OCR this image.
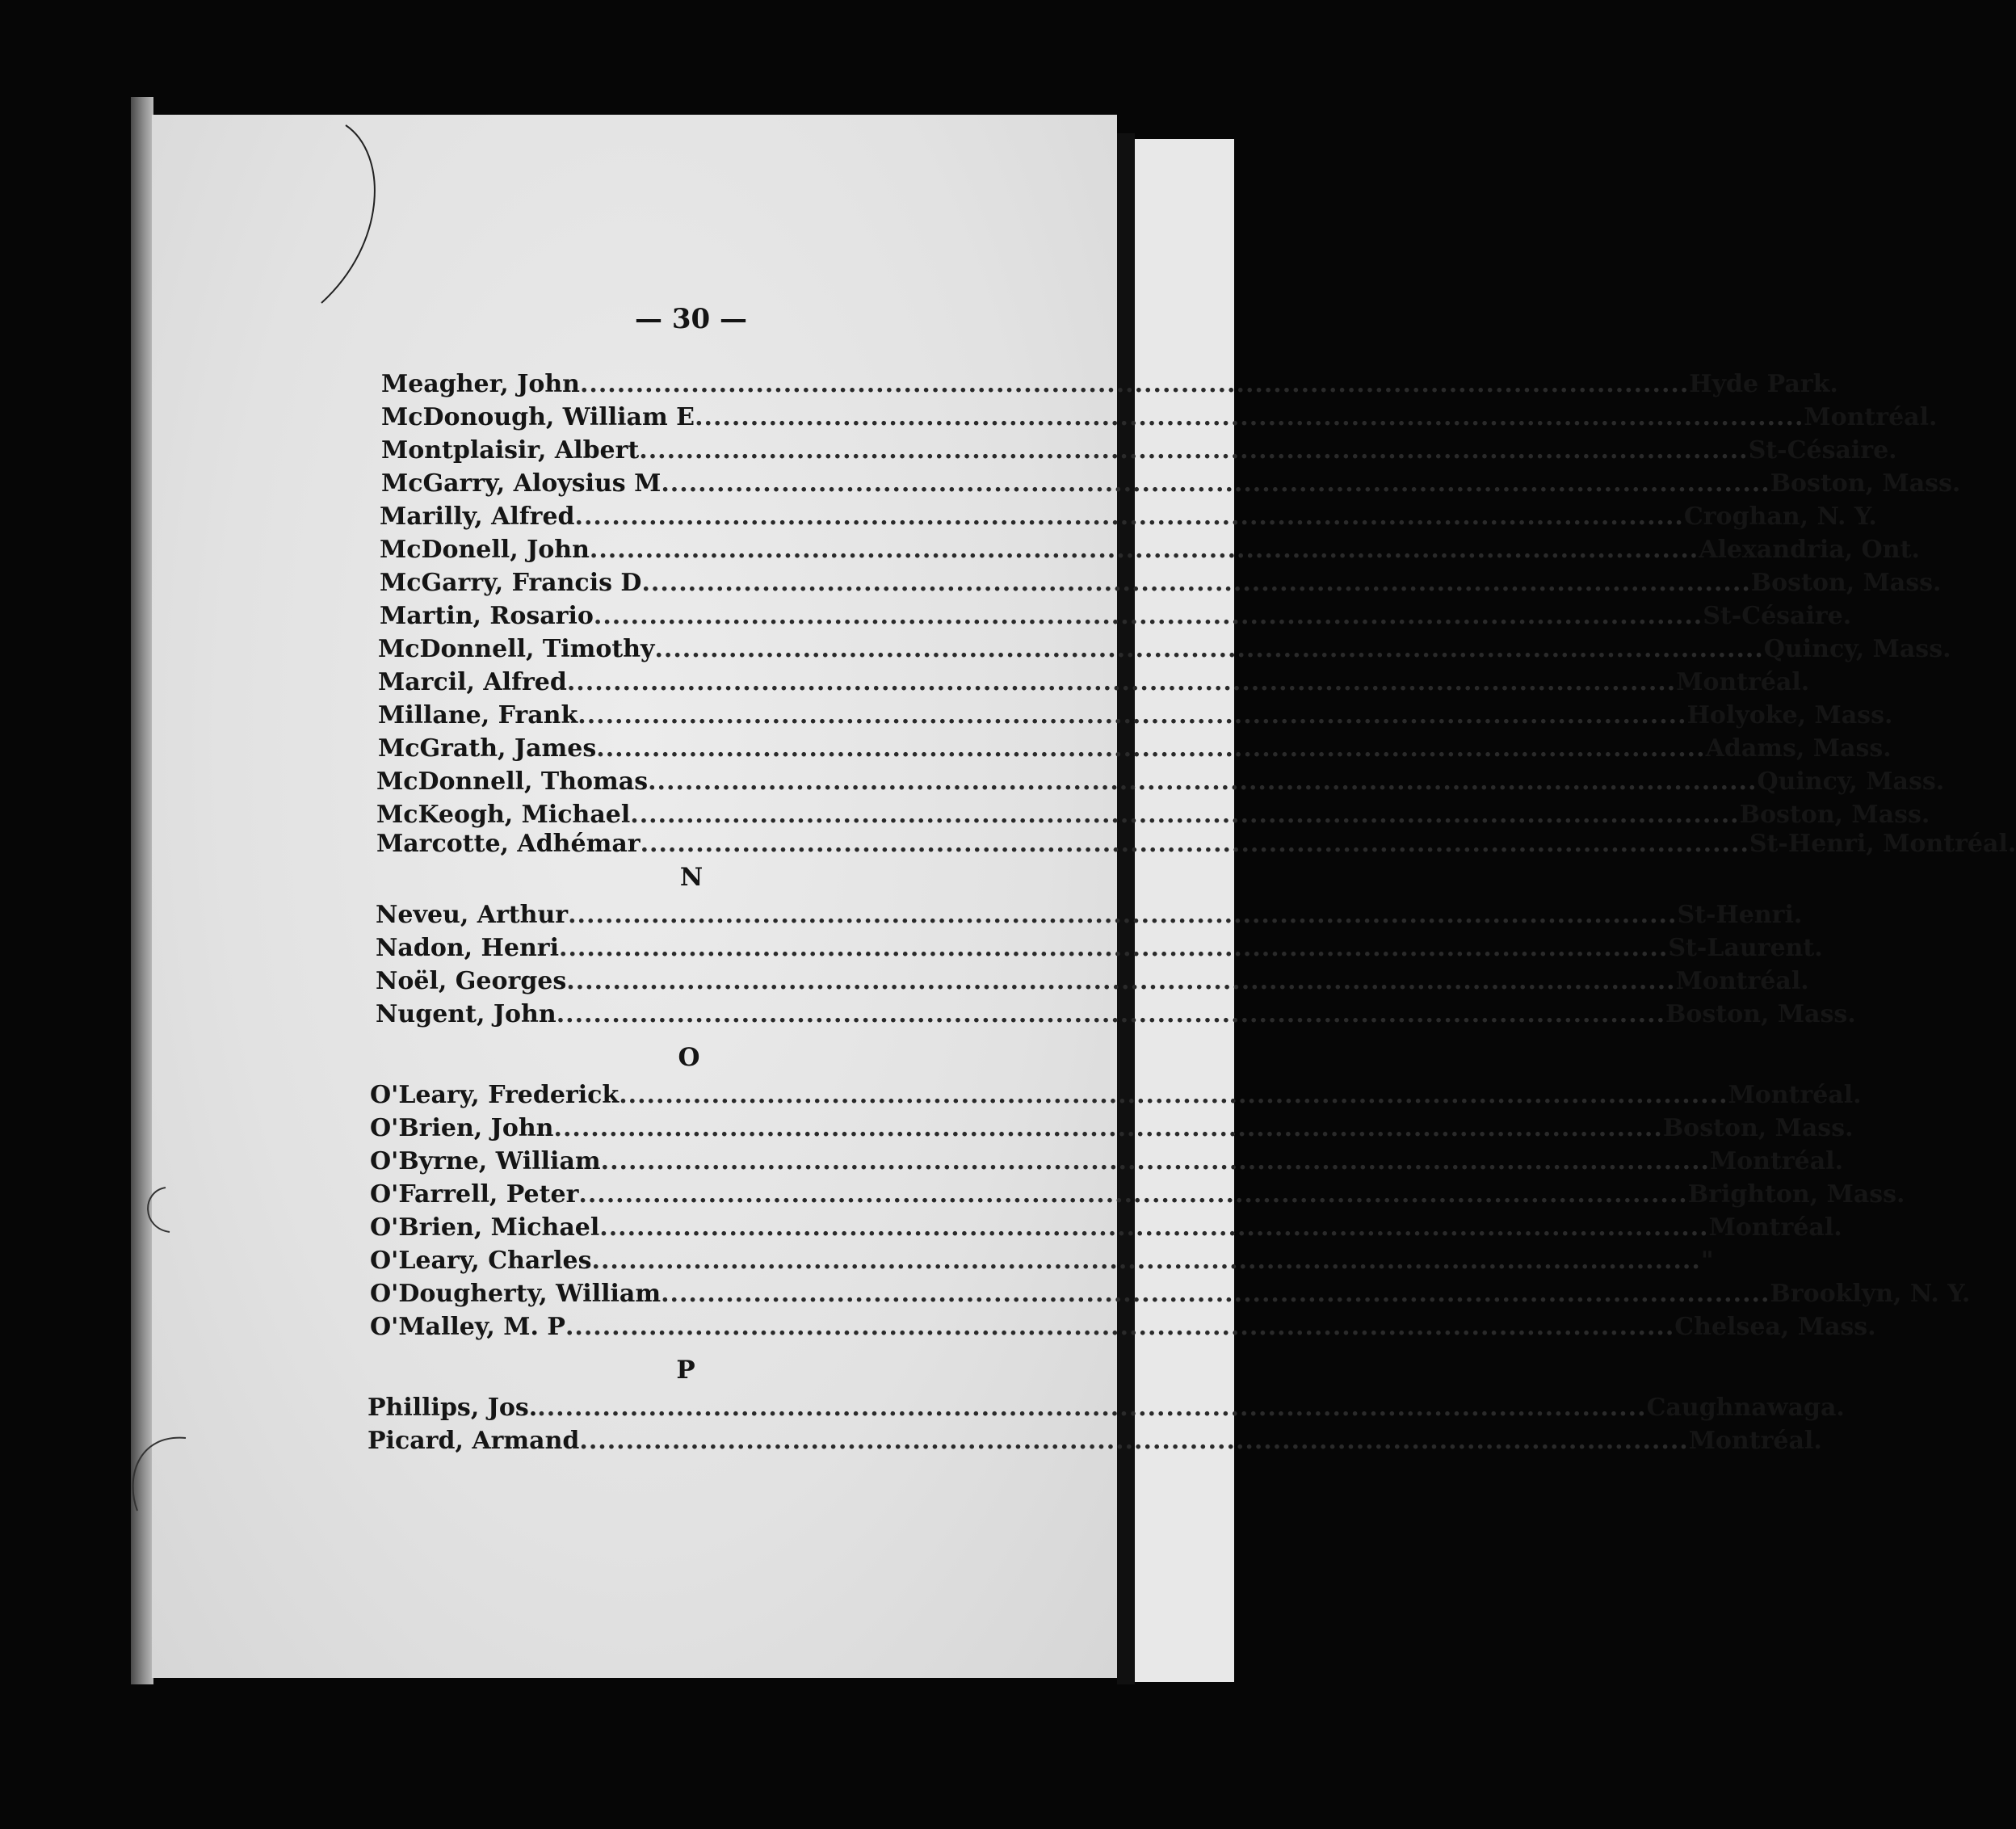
— 30 —
Meagher, John ........................................................................................................................ Hyde Park.
McDonough, William E ........................................................................................................................ Montréal.
Montplaisir, Albert ........................................................................................................................ St-Césaire.
McGarry, Aloysius M ........................................................................................................................ Boston, Mass.
Marilly, Alfred ........................................................................................................................ Croghan, N. Y.
McDonell, John ........................................................................................................................ Alexandria, Ont.
McGarry, Francis D ........................................................................................................................ Boston, Mass.
Martin, Rosario ........................................................................................................................ St-Césaire.
McDonnell, Timothy ........................................................................................................................ Quincy, Mass.
Marcil, Alfred ........................................................................................................................ Montréal.
Millane, Frank ........................................................................................................................ Holyoke, Mass.
McGrath, James ........................................................................................................................ Adams, Mass.
McDonnell, Thomas ........................................................................................................................ Quincy, Mass.
McKeogh, Michael ........................................................................................................................ Boston, Mass.
Marcotte, Adhémar ........................................................................................................................ St-Henri, Montréal.
N
Neveu, Arthur ........................................................................................................................ St-Henri.
Nadon, Henri ........................................................................................................................ St-Laurent.
Noël, Georges ........................................................................................................................ Montréal.
Nugent, John ........................................................................................................................ Boston, Mass.
O
O'Leary, Frederick ........................................................................................................................ Montréal.
O'Brien, John ........................................................................................................................ Boston, Mass.
O'Byrne, William ........................................................................................................................ Montréal.
O'Farrell, Peter ........................................................................................................................ Brighton, Mass.
O'Brien, Michael ........................................................................................................................ Montréal.
O'Leary, Charles ........................................................................................................................ "
O'Dougherty, William ........................................................................................................................ Brooklyn, N. Y.
O'Malley, M. P ........................................................................................................................ Chelsea, Mass.
P
Phillips, Jos. ........................................................................................................................ Caughnawaga.
Picard, Armand ........................................................................................................................ Montréal.
